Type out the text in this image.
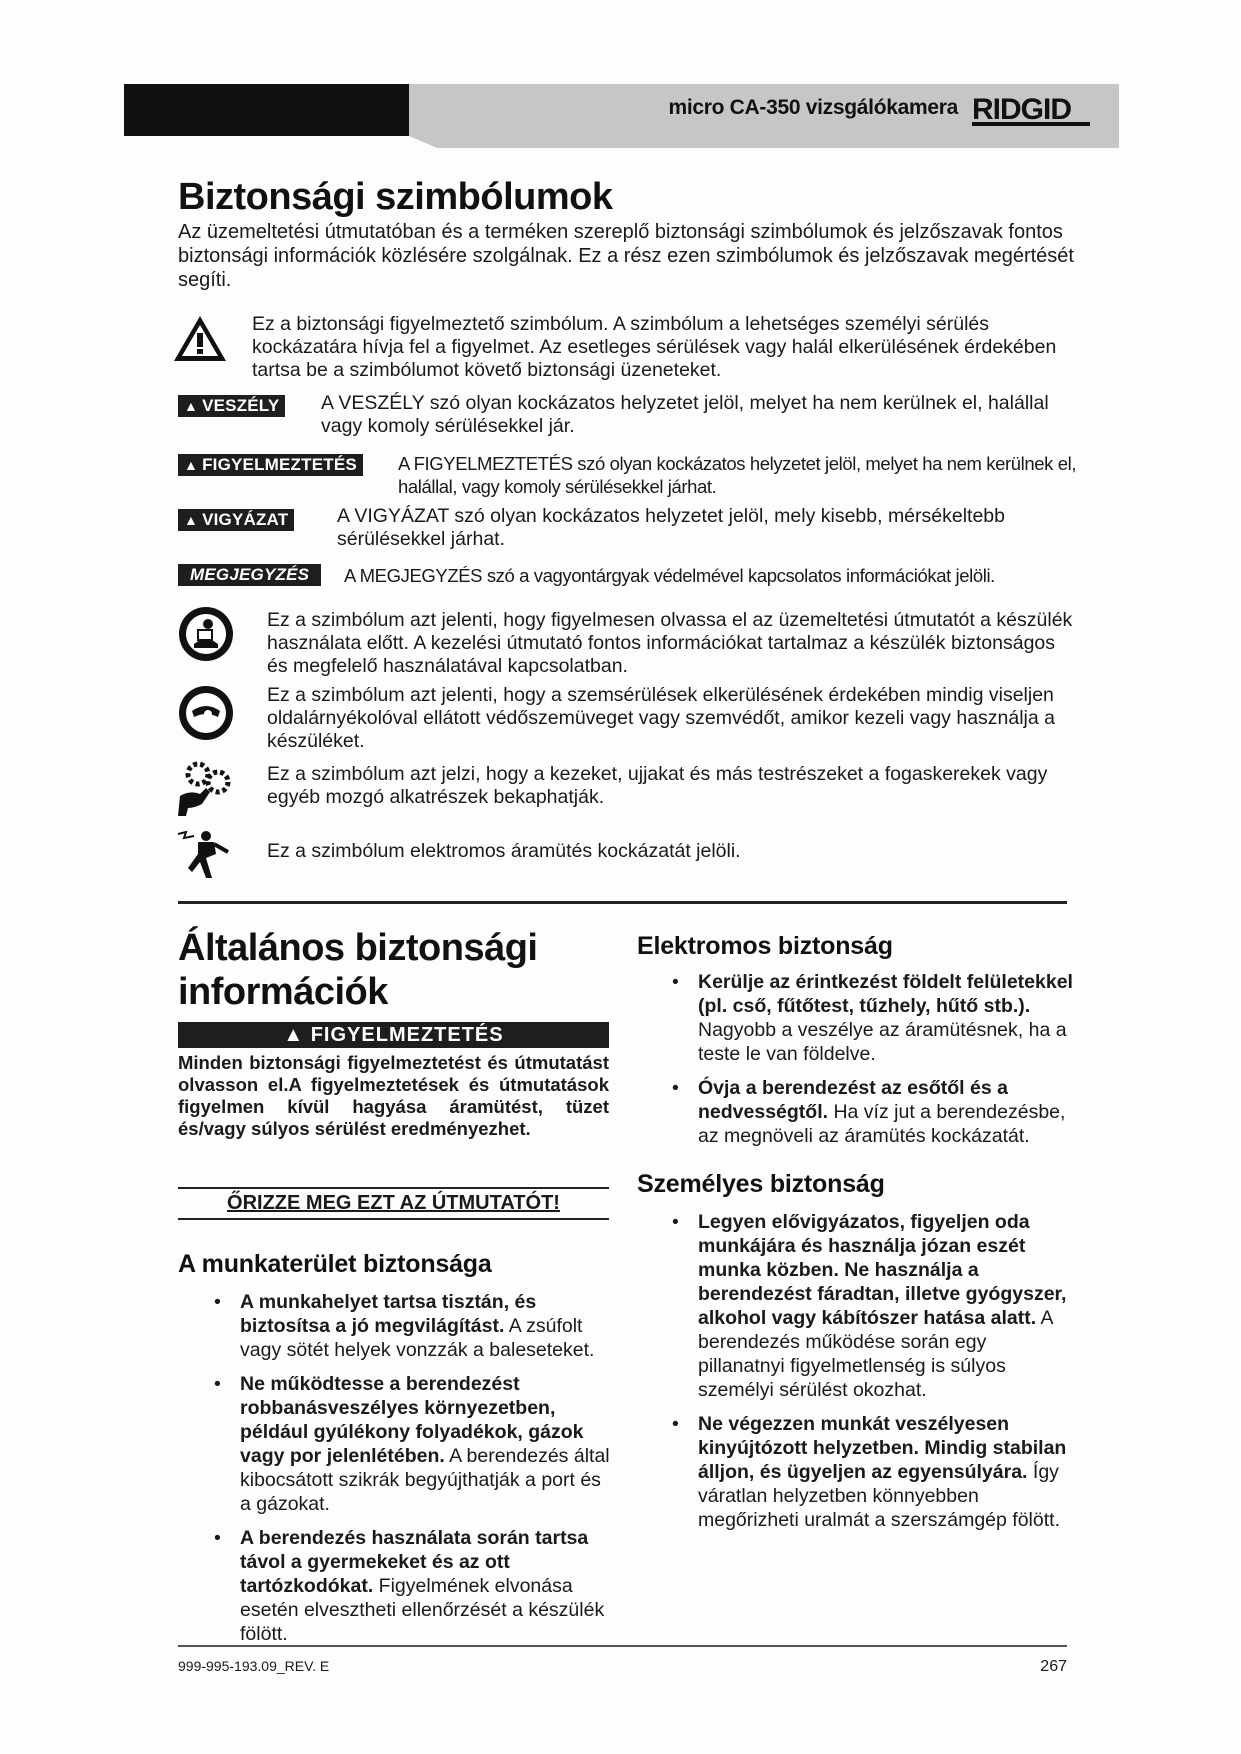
micro CA-350 vizsgálókamera RIDGID
Biztonsági szimbólumok
Az üzemeltetési útmutatóban és a terméken szereplő biztonsági szimbólumok és jelzőszavak fontos biztonsági információk közlésére szolgálnak. Ez a rész ezen szimbólumok és jelzőszavak megértését segíti.
Ez a biztonsági figyelmeztető szimbólum. A szimbólum a lehetséges személyi sérülés kockázatára hívja fel a figyelmet. Az esetleges sérülések vagy halál elkerülésének érdekében tartsa be a szimbólumot követő biztonsági üzeneteket.
▲ VESZÉLY	A VESZÉLY szó olyan kockázatos helyzetet jelöl, melyet ha nem kerülnek el, halállal vagy komoly sérülésekkel jár.
▲ FIGYELMEZTETÉS	A FIGYELMEZTETÉS szó olyan kockázatos helyzetet jelöl, melyet ha nem kerülnek el, halállal, vagy komoly sérülésekkel járhat.
▲ VIGYÁZAT	A VIGYÁZAT szó olyan kockázatos helyzetet jelöl, mely kisebb, mérsékeltebb sérülésekkel járhat.
MEGJEGYZÉS	A MEGJEGYZÉS szó a vagyontárgyak védelmével kapcsolatos információkat jelöli.
Ez a szimbólum azt jelenti, hogy figyelmesen olvassa el az üzemeltetési útmutatót a készülék használata előtt. A kezelési útmutató fontos információkat tartalmaz a készülék biztonságos és megfelelő használatával kapcsolatban.
Ez a szimbólum azt jelenti, hogy a szemsérülések elkerülésének érdekében mindig viseljen oldalárnyékolóval ellátott védőszemüveget vagy szemvédőt, amikor kezeli vagy használja a készüléket.
Ez a szimbólum azt jelzi, hogy a kezeket, ujjakat és más testrészeket a fogaskerekek vagy egyéb mozgó alkatrészek bekaphatják.
Ez a szimbólum elektromos áramütés kockázatát jelöli.
Általános biztonsági
információk
▲ FIGYELMEZTETÉS
Minden biztonsági figyelmeztetést és útmutatást olvasson el.A figyelmeztetések és útmutatások figyelmen kívül hagyása áramütést, tüzet és/vagy súlyos sérülést eredményezhet.
ŐRIZZE MEG EZT AZ ÚTMUTATÓT!
A munkaterület biztonsága
• A munkahelyet tartsa tisztán, és biztosítsa a jó megvilágítást. A zsúfolt vagy sötét helyek vonzzák a baleseteket.
• Ne működtesse a berendezést robbanásveszélyes környezetben, például gyúlékony folyadékok, gázok vagy por jelenlétében. A berendezés által kibocsátott szikrák begyújthatják a port és a gázokat.
• A berendezés használata során tartsa távol a gyermekeket és az ott tartózkodókat. Figyelmének elvonása esetén elvesztheti ellenőrzését a készülék fölött.
Elektromos biztonság
• Kerülje az érintkezést földelt felületekkel (pl. cső, fűtőtest, tűzhely, hűtő stb.). Nagyobb a veszélye az áramütésnek, ha a teste le van földelve.
• Óvja a berendezést az esőtől és a nedvességtől. Ha víz jut a berendezésbe, az megnöveli az áramütés kockázatát.
Személyes biztonság
• Legyen elővigyázatos, figyeljen oda munkájára és használja józan eszét munka közben. Ne használja a berendezést fáradtan, illetve gyógyszer, alkohol vagy kábítószer hatása alatt. A berendezés működése során egy pillanatnyi figyelmetlenség is súlyos személyi sérülést okozhat.
• Ne végezzen munkát veszélyesen kinyújtózott helyzetben. Mindig stabilan álljon, és ügyeljen az egyensúlyára. Így váratlan helyzetben könnyebben megőrizheti uralmát a szerszámgép fölött.
999-995-193.09_REV. E	267
